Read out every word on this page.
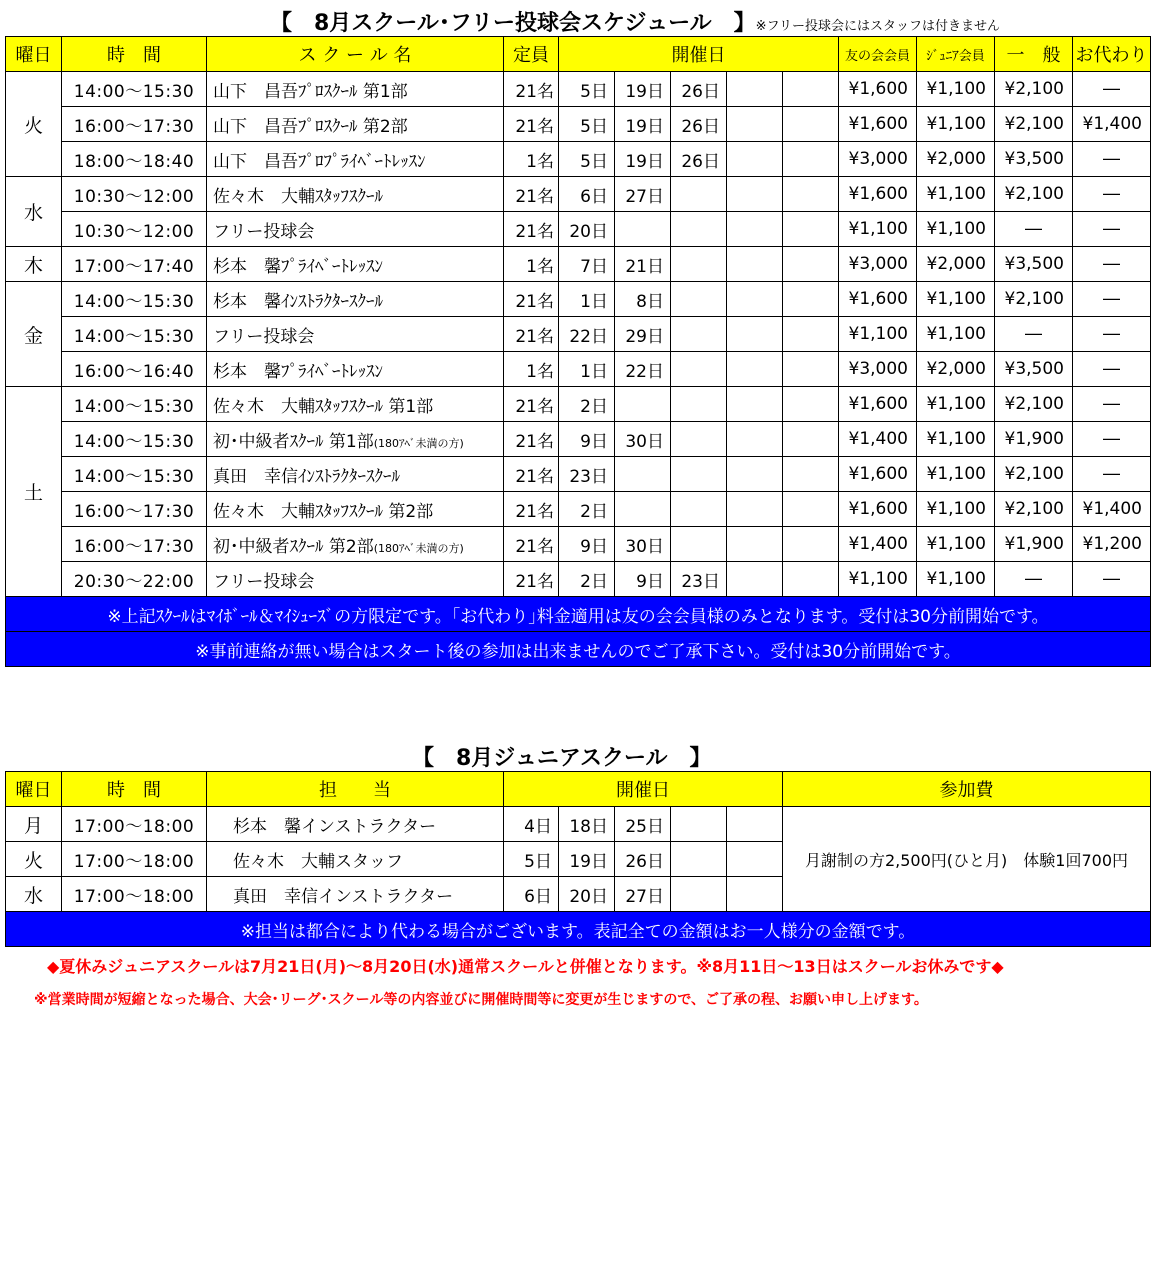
【　8月スクール･フリー投球会スケジュール　】※フリー投球会にはスタッフは付きません
曜日	時　間	ス ク ー ル 名	定員	開催日					友の会会員	ｼﾞｭﾆｱ会員	一　般	お代わり
火	14:00～15:30	山下　昌吾ﾌﾟﾛｽｸｰﾙ 第1部	21名	5日	19日	26日			¥1,600	¥1,100	¥2,100	―
	16:00～17:30	山下　昌吾ﾌﾟﾛｽｸｰﾙ 第2部	21名	5日	19日	26日			¥1,600	¥1,100	¥2,100	¥1,400
	18:00～18:40	山下　昌吾ﾌﾟﾛﾌﾟﾗｲﾍﾞｰﾄﾚｯｽﾝ	1名	5日	19日	26日			¥3,000	¥2,000	¥3,500	―
水	10:30～12:00	佐々木　大輔ｽﾀｯﾌｽｸｰﾙ	21名	6日	27日				¥1,600	¥1,100	¥2,100	―
	10:30～12:00	フリー投球会	21名	20日					¥1,100	¥1,100	―	―
木	17:00～17:40	杉本　馨ﾌﾟﾗｲﾍﾞｰﾄﾚｯｽﾝ	1名	7日	21日				¥3,000	¥2,000	¥3,500	―
金	14:00～15:30	杉本　馨ｲﾝｽﾄﾗｸﾀｰｽｸｰﾙ	21名	1日	8日				¥1,600	¥1,100	¥2,100	―
	14:00～15:30	フリー投球会	21名	22日	29日				¥1,100	¥1,100	―	―
	16:00～16:40	杉本　馨ﾌﾟﾗｲﾍﾞｰﾄﾚｯｽﾝ	1名	1日	22日				¥3,000	¥2,000	¥3,500	―
土	14:00～15:30	佐々木　大輔ｽﾀｯﾌｽｸｰﾙ 第1部	21名	2日					¥1,600	¥1,100	¥2,100	―
	14:00～15:30	初･中級者ｽｸｰﾙ 第1部(180ｱﾍﾞ未満の方)	21名	9日	30日				¥1,400	¥1,100	¥1,900	―
	14:00～15:30	真田　幸信ｲﾝｽﾄﾗｸﾀｰｽｸｰﾙ	21名	23日					¥1,600	¥1,100	¥2,100	―
	16:00～17:30	佐々木　大輔ｽﾀｯﾌｽｸｰﾙ 第2部	21名	2日					¥1,600	¥1,100	¥2,100	¥1,400
	16:00～17:30	初･中級者ｽｸｰﾙ 第2部(180ｱﾍﾞ未満の方)	21名	9日	30日				¥1,400	¥1,100	¥1,900	¥1,200
	20:30～22:00	フリー投球会	21名	2日	9日	23日			¥1,100	¥1,100	―	―
※上記ｽｸｰﾙはﾏｲﾎﾞｰﾙ＆ﾏｲｼｭｰｽﾞの方限定です。｢お代わり｣料金適用は友の会会員様のみとなります。受付は30分前開始です。												
※事前連絡が無い場合はスタート後の参加は出来ませんのでご了承下さい。受付は30分前開始です。												
曜日	時　間	担　　当	開催日					参加費
月	17:00～18:00	杉本　馨インストラクター	4日	18日	25日			月謝制の方2,500円(ひと月)　体験1回700円
火	17:00～18:00	佐々木　大輔スタッフ	5日	19日	26日			
水	17:00～18:00	真田　幸信インストラクター	6日	20日	27日			
※担当は都合により代わる場合がございます。表記全ての金額はお一人様分の金額です。								
【　8月ジュニアスクール　】
◆夏休みジュニアスクールは7月21日(月)～8月20日(水)通常スクールと併催となります。※8月11日～13日はスクールお休みです◆
※営業時間が短縮となった場合、大会･リーグ･スクール等の内容並びに開催時間等に変更が生じますので、ご了承の程、お願い申し上げます。
